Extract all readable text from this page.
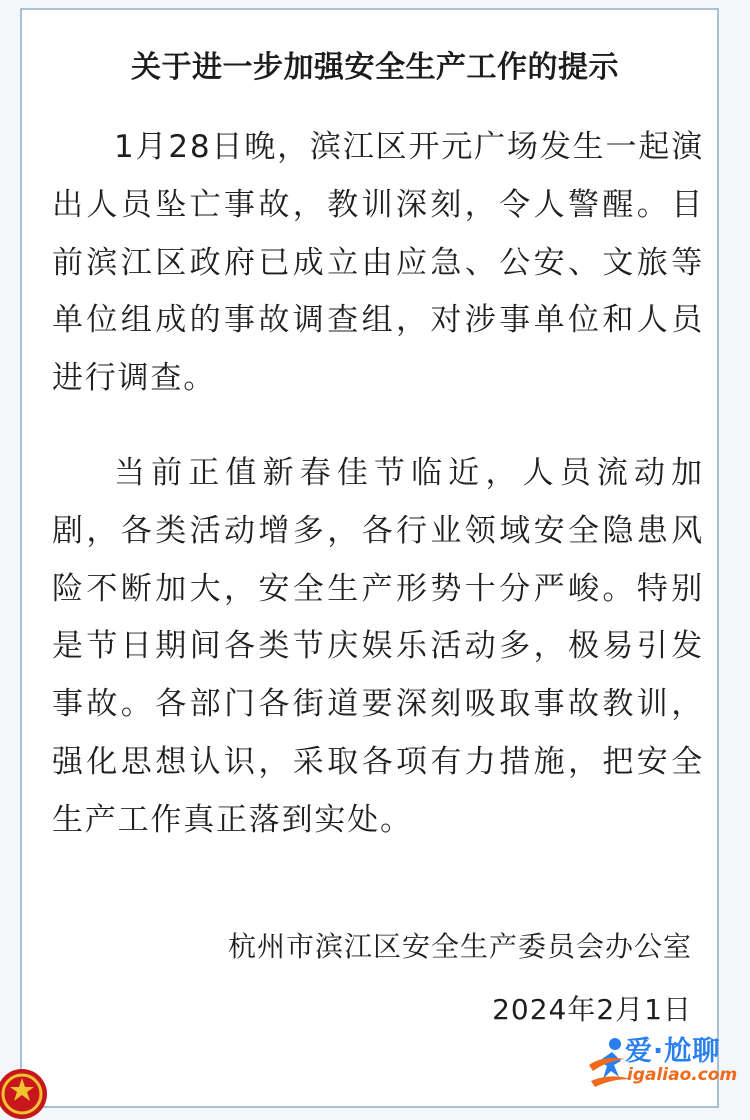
关于进一步加强安全生产工作的提示

1月28日晚，滨江区开元广场发生一起演出人员坠亡事故，教训深刻，令人警醒。目前滨江区政府已成立由应急、公安、文旅等单位组成的事故调查组，对涉事单位和人员进行调查。

当前正值新春佳节临近，人员流动加剧，各类活动增多，各行业领域安全隐患风险不断加大，安全生产形势十分严峻。特别是节日期间各类节庆娱乐活动多，极易引发事故。各部门各街道要深刻吸取事故教训，强化思想认识，采取各项有力措施，把安全生产工作真正落到实处。

杭州市滨江区安全生产委员会办公室
2024年2月1日
爱·尬聊
igaliao.com
